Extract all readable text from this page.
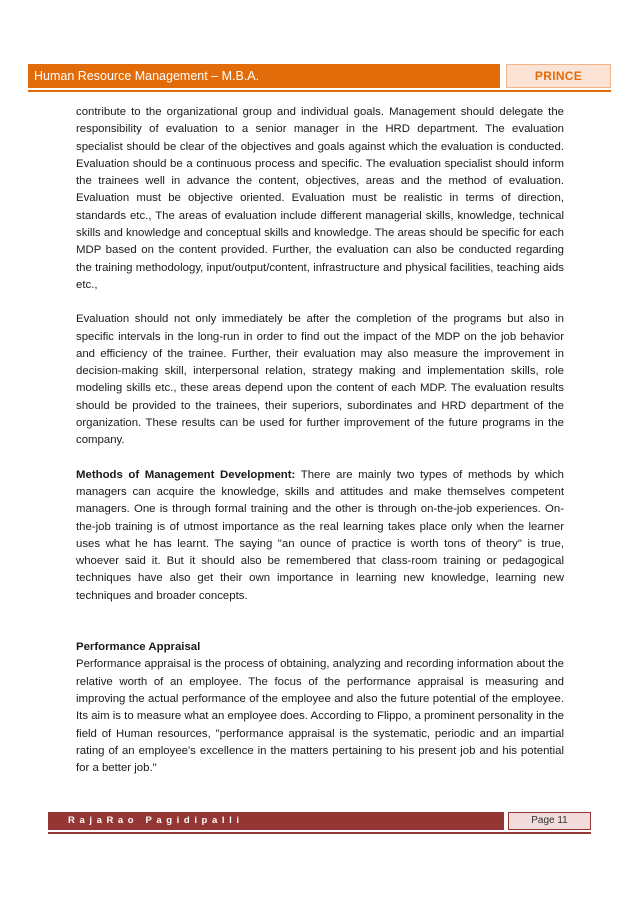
Human Resource Management – M.B.A.	PRINCE

contribute to the organizational group and individual goals. Management should delegate the responsibility of evaluation to a senior manager in the HRD department. The evaluation specialist should be clear of the objectives and goals against which the evaluation is conducted. Evaluation should be a continuous process and specific. The evaluation specialist should inform the trainees well in advance the content, objectives, areas and the method of evaluation. Evaluation must be objective oriented. Evaluation must be realistic in terms of direction, standards etc., The areas of evaluation include different managerial skills, knowledge, technical skills and knowledge and conceptual skills and knowledge. The areas should be specific for each MDP based on the content provided. Further, the evaluation can also be conducted regarding the training methodology, input/output/content, infrastructure and physical facilities, teaching aids etc.,

Evaluation should not only immediately be after the completion of the programs but also in specific intervals in the long-run in order to find out the impact of the MDP on the job behavior and efficiency of the trainee. Further, their evaluation may also measure the improvement in decision-making skill, interpersonal relation, strategy making and implementation skills, role modeling skills etc., these areas depend upon the content of each MDP. The evaluation results should be provided to the trainees, their superiors, subordinates and HRD department of the organization. These results can be used for further improvement of the future programs in the company.

Methods of Management Development: There are mainly two types of methods by which managers can acquire the knowledge, skills and attitudes and make themselves competent managers. One is through formal training and the other is through on-the-job experiences. On-the-job training is of utmost importance as the real learning takes place only when the learner uses what he has learnt. The saying "an ounce of practice is worth tons of theory" is true, whoever said it. But it should also be remembered that class-room training or pedagogical techniques have also get their own importance in learning new knowledge, learning new techniques and broader concepts.

Performance Appraisal

Performance appraisal is the process of obtaining, analyzing and recording information about the relative worth of an employee. The focus of the performance appraisal is measuring and improving the actual performance of the employee and also the future potential of the employee. Its aim is to measure what an employee does. According to Flippo, a prominent personality in the field of Human resources, "performance appraisal is the systematic, periodic and an impartial rating of an employee's excellence in the matters pertaining to his present job and his potential for a better job."

RajaRao Pagidipalli	Page 11
